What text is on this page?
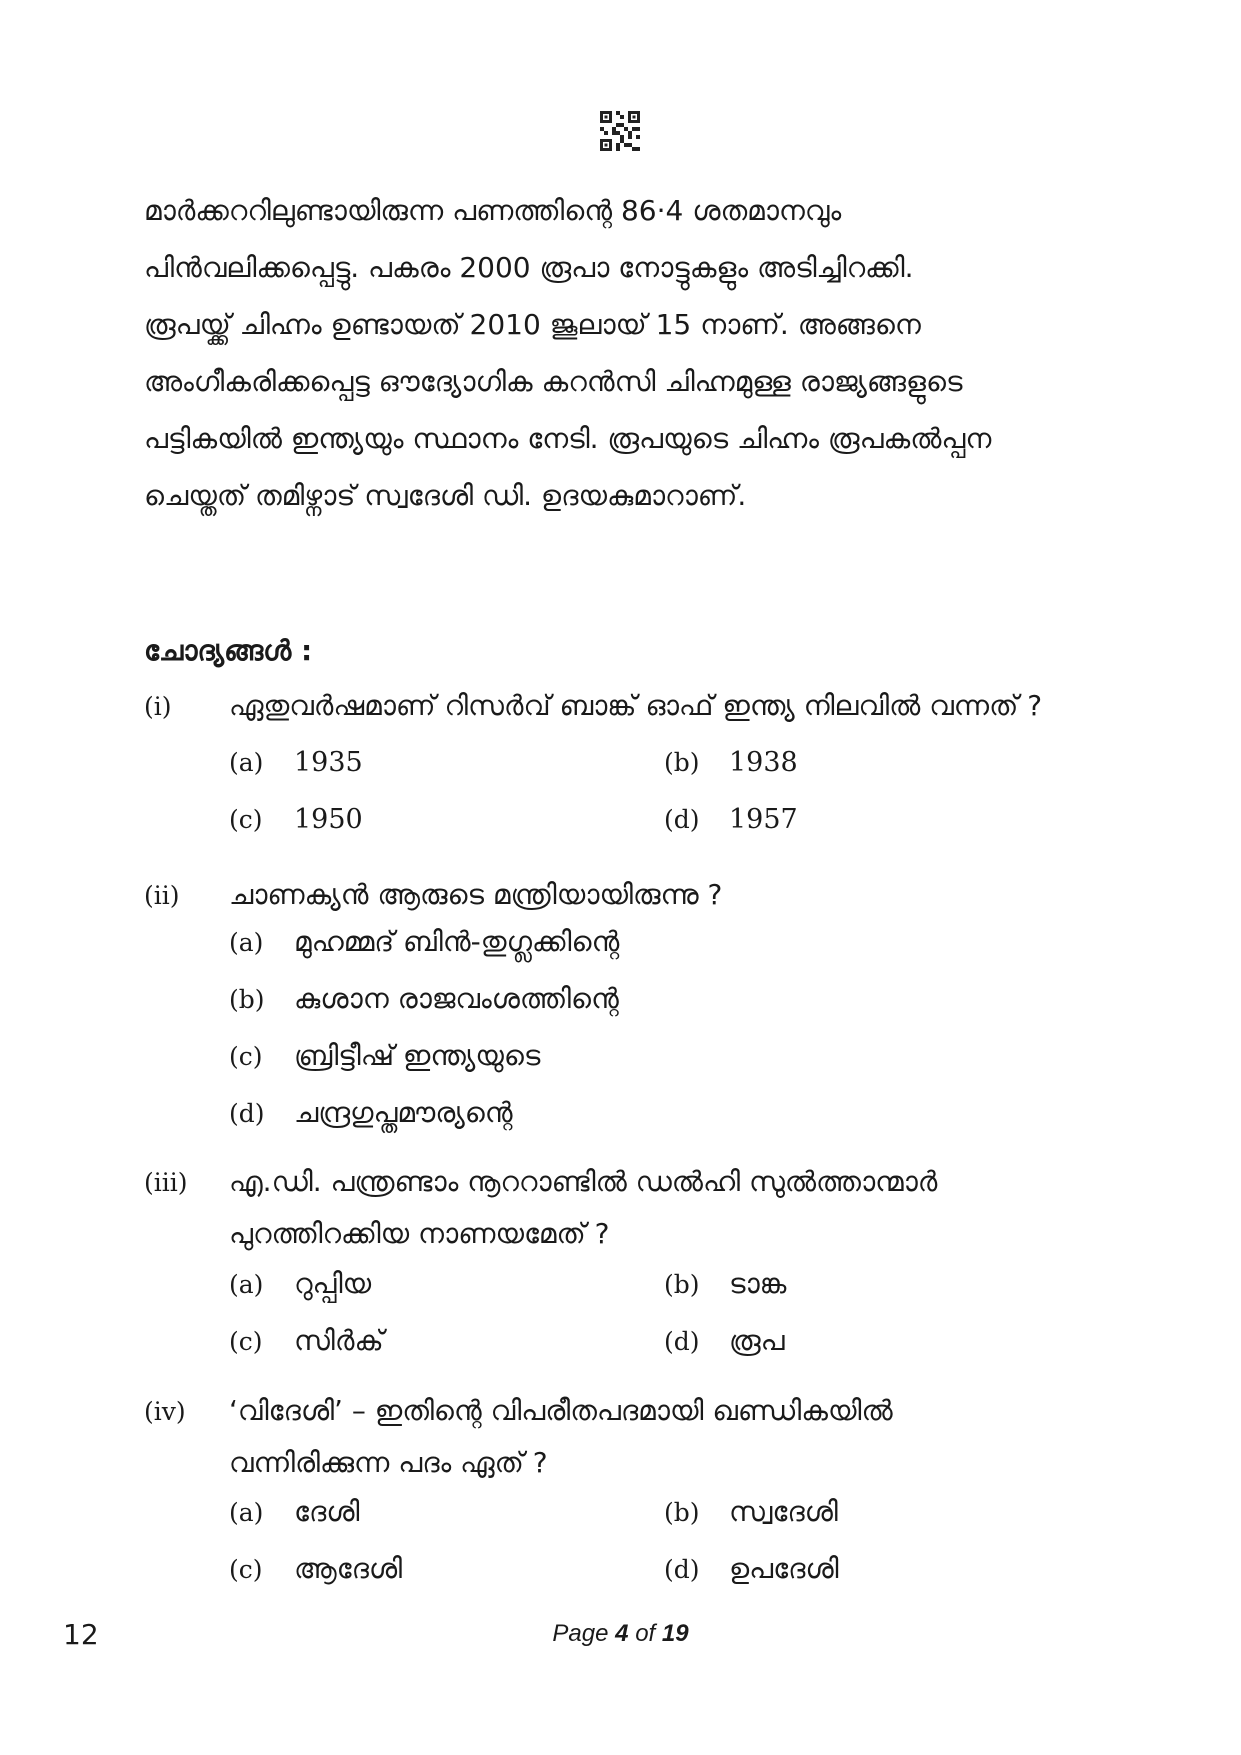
മാർക്കററിലുണ്ടായിരുന്ന പണത്തിന്റെ 86·4 ശതമാനവും
പിൻവലിക്കപ്പെട്ടു. പകരം 2000 രൂപാ നോട്ടുകളും അടിച്ചിറക്കി.
രൂപയ്ക്ക് ചിഹ്നം ഉണ്ടായത് 2010 ജൂലായ് 15 നാണ്. അങ്ങനെ
അംഗീകരിക്കപ്പെട്ട ഔദ്യോഗിക കറൻസി ചിഹ്നമുള്ള രാജ്യങ്ങളുടെ
പട്ടികയിൽ ഇന്ത്യയും സ്ഥാനം നേടി. രൂപയുടെ ചിഹ്നം രൂപകൽപ്പന
ചെയ്തത് തമിഴ്നാട് സ്വദേശി ഡി. ഉദയകുമാറാണ്.
ചോദ്യങ്ങൾ :
(i) ഏതുവർഷമാണ് റിസർവ് ബാങ്ക് ഓഫ് ഇന്ത്യ നിലവിൽ വന്നത് ?
(a) 1935	(b) 1938
(c) 1950	(d) 1957
(ii) ചാണക്യൻ ആരുടെ മന്ത്രിയായിരുന്നു ?
(a) മുഹമ്മദ് ബിൻ-തുഗ്ലക്കിന്റെ
(b) കുശാന രാജവംശത്തിന്റെ
(c) ബ്രിട്ടീഷ് ഇന്ത്യയുടെ
(d) ചന്ദ്രഗുപ്തമൗര്യന്റെ
(iii) എ.ഡി. പന്ത്രണ്ടാം നൂററാണ്ടിൽ ഡൽഹി സുൽത്താന്മാർ
പുറത്തിറക്കിയ നാണയമേത് ?
(a) റുപ്പിയ	(b) ടാങ്ക
(c) സിർക്	(d) രൂപ
(iv) ‘വിദേശി’ – ഇതിന്റെ വിപരീതപദമായി ഖണ്ഡികയിൽ
വന്നിരിക്കുന്ന പദം ഏത് ?
(a) ദേശി	(b) സ്വദേശി
(c) ആദേശി	(d) ഉപദേശി
12	Page 4 of 19
